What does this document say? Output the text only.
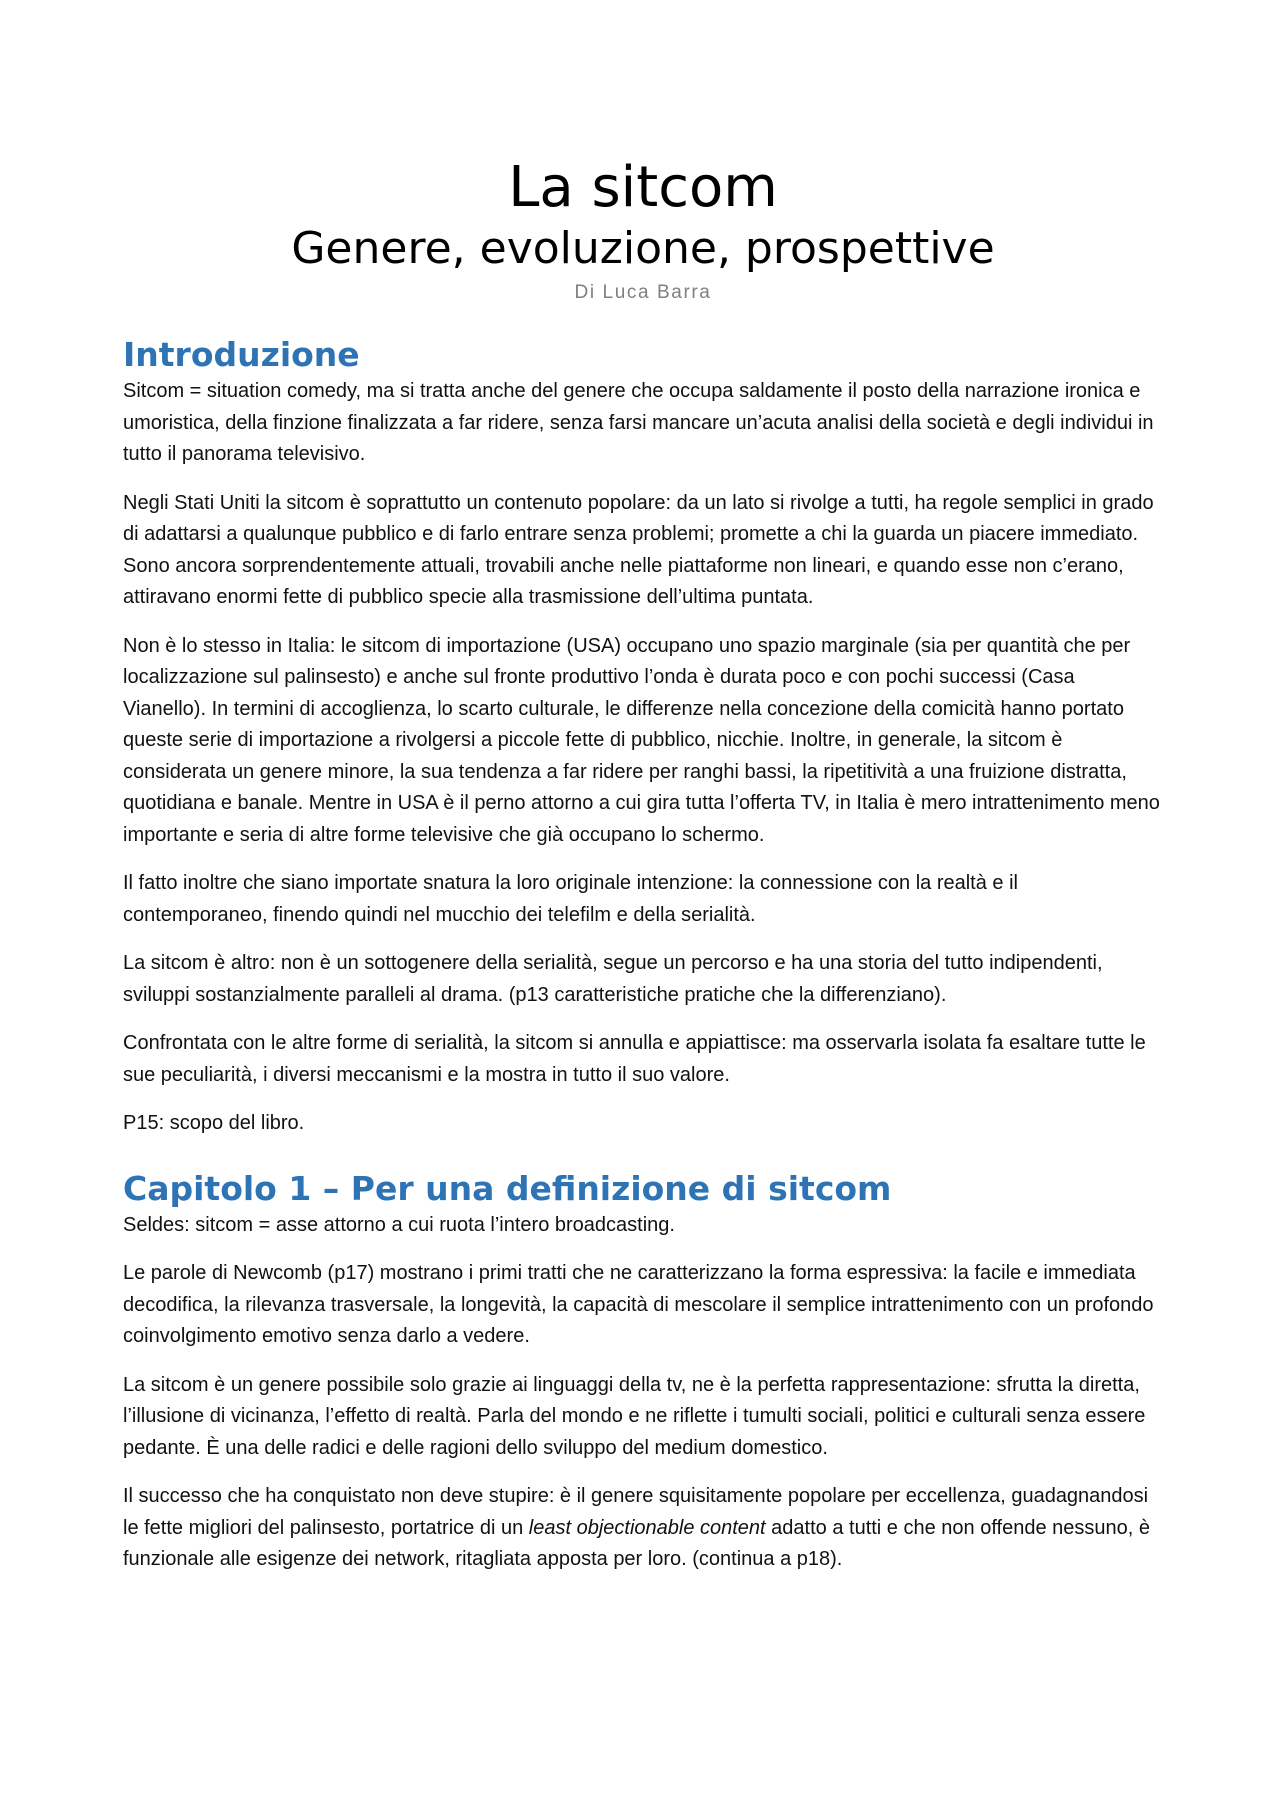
La sitcom
Genere, evoluzione, prospettive
Di Luca Barra
Introduzione

Sitcom = situation comedy, ma si tratta anche del genere che occupa saldamente il posto della narrazione ironica e umoristica, della finzione finalizzata a far ridere, senza farsi mancare un’acuta analisi della società e degli individui in tutto il panorama televisivo.

Negli Stati Uniti la sitcom è soprattutto un contenuto popolare: da un lato si rivolge a tutti, ha regole semplici in grado di adattarsi a qualunque pubblico e di farlo entrare senza problemi; promette a chi la guarda un piacere immediato. Sono ancora sorprendentemente attuali, trovabili anche nelle piattaforme non lineari, e quando esse non c’erano, attiravano enormi fette di pubblico specie alla trasmissione dell’ultima puntata.

Non è lo stesso in Italia: le sitcom di importazione (USA) occupano uno spazio marginale (sia per quantità che per localizzazione sul palinsesto) e anche sul fronte produttivo l’onda è durata poco e con pochi successi (Casa Vianello). In termini di accoglienza, lo scarto culturale, le differenze nella concezione della comicità hanno portato queste serie di importazione a rivolgersi a piccole fette di pubblico, nicchie. Inoltre, in generale, la sitcom è considerata un genere minore, la sua tendenza a far ridere per ranghi bassi, la ripetitività a una fruizione distratta, quotidiana e banale. Mentre in USA è il perno attorno a cui gira tutta l’offerta TV, in Italia è mero intrattenimento meno importante e seria di altre forme televisive che già occupano lo schermo.

Il fatto inoltre che siano importate snatura la loro originale intenzione: la connessione con la realtà e il contemporaneo, finendo quindi nel mucchio dei telefilm e della serialità.

La sitcom è altro: non è un sottogenere della serialità, segue un percorso e ha una storia del tutto indipendenti, sviluppi sostanzialmente paralleli al drama. (p13 caratteristiche pratiche che la differenziano).

Confrontata con le altre forme di serialità, la sitcom si annulla e appiattisce: ma osservarla isolata fa esaltare tutte le sue peculiarità, i diversi meccanismi e la mostra in tutto il suo valore.

P15: scopo del libro.

Capitolo 1 – Per una definizione di sitcom

Seldes: sitcom = asse attorno a cui ruota l’intero broadcasting.

Le parole di Newcomb (p17) mostrano i primi tratti che ne caratterizzano la forma espressiva: la facile e immediata decodifica, la rilevanza trasversale, la longevità, la capacità di mescolare il semplice intrattenimento con un profondo coinvolgimento emotivo senza darlo a vedere.

La sitcom è un genere possibile solo grazie ai linguaggi della tv, ne è la perfetta rappresentazione: sfrutta la diretta, l’illusione di vicinanza, l’effetto di realtà. Parla del mondo e ne riflette i tumulti sociali, politici e culturali senza essere pedante. È una delle radici e delle ragioni dello sviluppo del medium domestico.

Il successo che ha conquistato non deve stupire: è il genere squisitamente popolare per eccellenza, guadagnandosi le fette migliori del palinsesto, portatrice di un least objectionable content adatto a tutti e che non offende nessuno, è funzionale alle esigenze dei network, ritagliata apposta per loro. (continua a p18).
